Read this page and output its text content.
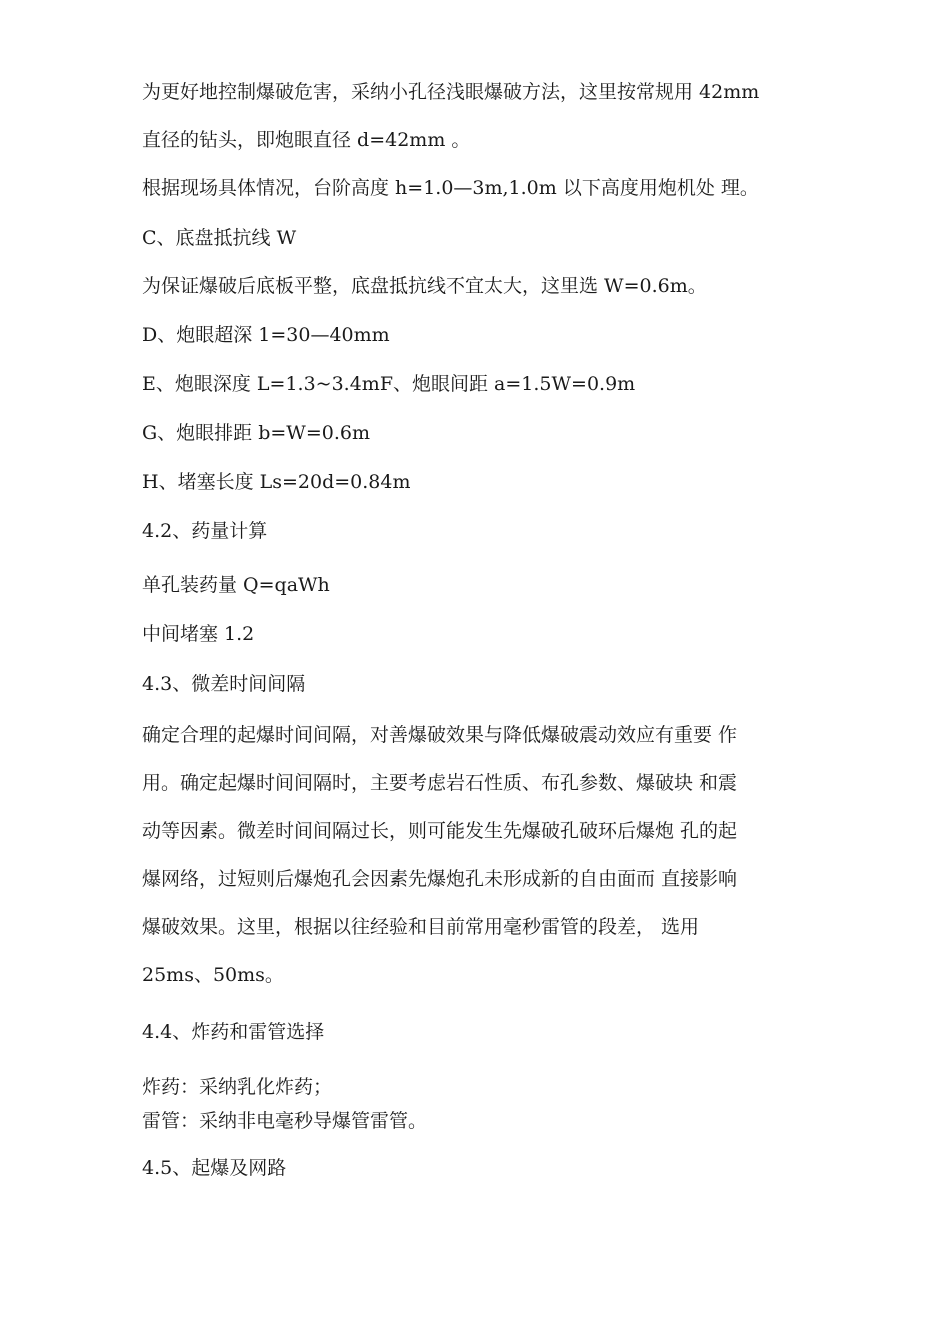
为更好地控制爆破危害，采纳小孔径浅眼爆破方法，这里按常规用 42mm
直径的钻头，即炮眼直径 d=42mm 。
根据现场具体情况，台阶高度 h=1.0—3m,1.0m 以下高度用炮机处 理。
C、底盘抵抗线 W
为保证爆破后底板平整，底盘抵抗线不宜太大，这里选 W=0.6m。
D、炮眼超深 1=30—40mm
E、炮眼深度 L=1.3~3.4mF、炮眼间距 a=1.5W=0.9m
G、炮眼排距 b=W=0.6m
H、堵塞长度 Ls=20d=0.84m
4.2、药量计算
单孔装药量 Q=qaWh
中间堵塞 1.2
4.3、微差时间间隔
确定合理的起爆时间间隔，对善爆破效果与降低爆破震动效应有重要 作
用。确定起爆时间间隔时，主要考虑岩石性质、布孔参数、爆破块 和震
动等因素。微差时间间隔过长，则可能发生先爆破孔破环后爆炮 孔的起
爆网络，过短则后爆炮孔会因素先爆炮孔未形成新的自由面而 直接影响
爆破效果。这里，根据以往经验和目前常用毫秒雷管的段差， 选用
25ms、50ms。
4.4、炸药和雷管选择
炸药：采纳乳化炸药；
雷管：采纳非电毫秒导爆管雷管。
4.5、起爆及网路
